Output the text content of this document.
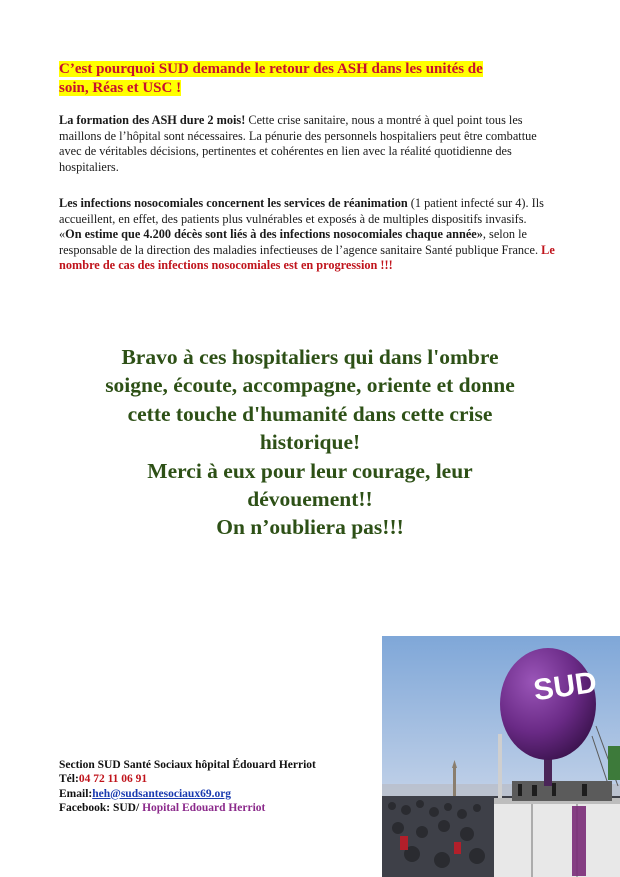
C’est pourquoi SUD demande le retour des ASH dans les unités de
soin, Réas et USC !
La formation des ASH dure 2 mois! Cette crise sanitaire, nous a montré à quel point tous les maillons de l’hôpital sont nécessaires. La pénurie des personnels hospitaliers peut être combattue avec de véritables décisions, pertinentes et cohérentes en lien avec la réalité quotidienne des hospitaliers.
Les infections nosocomiales concernent les services de réanimation (1 patient infecté sur 4). Ils accueillent, en effet, des patients plus vulnérables et exposés à de multiples dispositifs invasifs.
«On estime que 4.200 décès sont liés à des infections nosocomiales chaque année», selon le responsable de la direction des maladies infectieuses de l’agence sanitaire Santé publique France. Le nombre de cas des infections nosocomiales est en progression !!!
Bravo à ces hospitaliers qui dans l'ombre
soigne, écoute, accompagne, oriente et donne
cette touche d'humanité dans cette crise
historique!
Merci à eux pour leur courage, leur
dévouement!!
On n’oubliera pas!!!
Section SUD Santé Sociaux hôpital Édouard Herriot
Tél:04 72 11 06 91
Email:heh@sudsantesociaux69.org
Facebook: SUD/ Hopital Edouard Herriot
SUD
